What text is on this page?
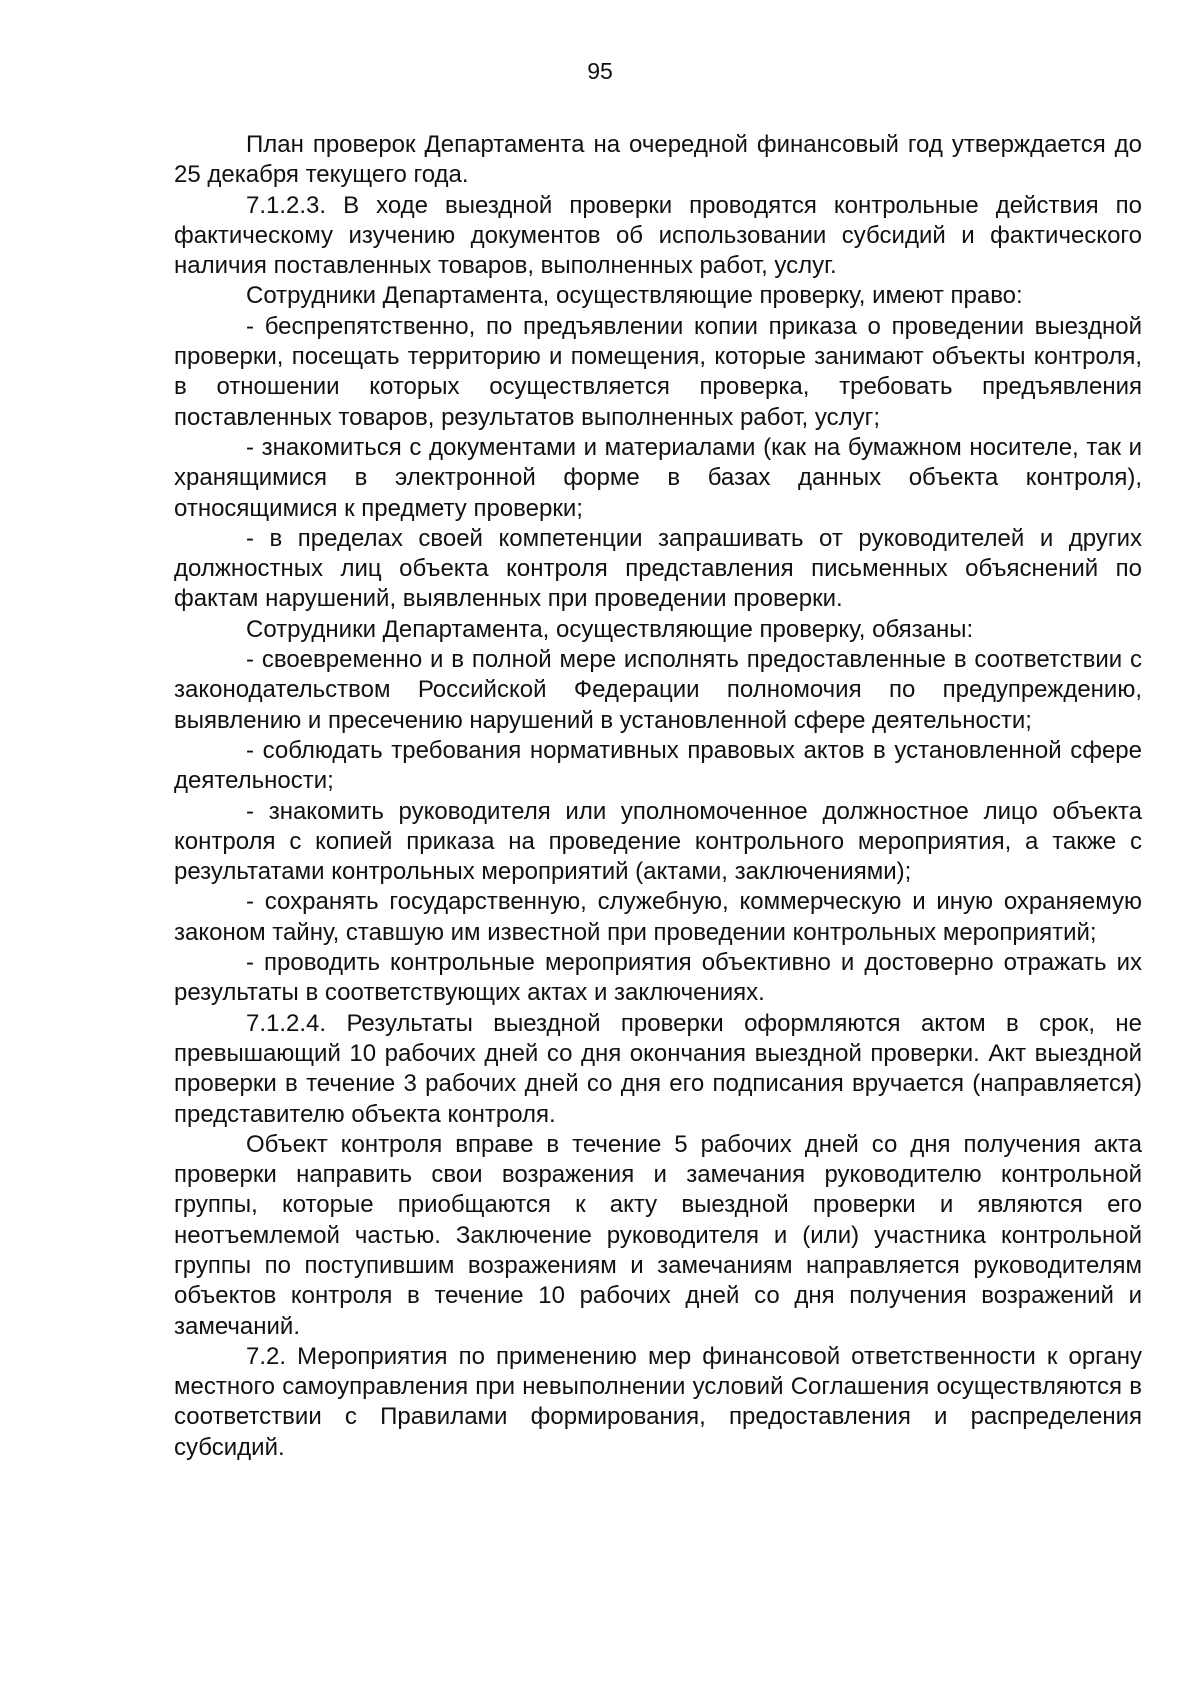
95

План проверок Департамента на очередной финансовый год утверждается до 25 декабря текущего года.

7.1.2.3. В ходе выездной проверки проводятся контрольные действия по фактическому изучению документов об использовании субсидий и фактического наличия поставленных товаров, выполненных работ, услуг.

Сотрудники Департамента, осуществляющие проверку, имеют право:

- беспрепятственно, по предъявлении копии приказа о проведении выездной проверки, посещать территорию и помещения, которые занимают объекты контроля, в отношении которых осуществляется проверка, требовать предъявления поставленных товаров, результатов выполненных работ, услуг;

- знакомиться с документами и материалами (как на бумажном носителе, так и хранящимися в электронной форме в базах данных объекта контроля), относящимися к предмету проверки;

- в пределах своей компетенции запрашивать от руководителей и других должностных лиц объекта контроля представления письменных объяснений по фактам нарушений, выявленных при проведении проверки.

Сотрудники Департамента, осуществляющие проверку, обязаны:

- своевременно и в полной мере исполнять предоставленные в соответствии с законодательством Российской Федерации полномочия по предупреждению, выявлению и пресечению нарушений в установленной сфере деятельности;

- соблюдать требования нормативных правовых актов в установленной сфере деятельности;

- знакомить руководителя или уполномоченное должностное лицо объекта контроля с копией приказа на проведение контрольного мероприятия, а также с результатами контрольных мероприятий (актами, заключениями);

- сохранять государственную, служебную, коммерческую и иную охраняемую законом тайну, ставшую им известной при проведении контрольных мероприятий;

- проводить контрольные мероприятия объективно и достоверно отражать их результаты в соответствующих актах и заключениях.

7.1.2.4. Результаты выездной проверки оформляются актом в срок, не превышающий 10 рабочих дней со дня окончания выездной проверки. Акт выездной проверки в течение 3 рабочих дней со дня его подписания вручается (направляется) представителю объекта контроля.

Объект контроля вправе в течение 5 рабочих дней со дня получения акта проверки направить свои возражения и замечания руководителю контрольной группы, которые приобщаются к акту выездной проверки и являются его неотъемлемой частью. Заключение руководителя и (или) участника контрольной группы по поступившим возражениям и замечаниям направляется руководителям объектов контроля в течение 10 рабочих дней со дня получения возражений и замечаний.

7.2. Мероприятия по применению мер финансовой ответственности к органу местного самоуправления при невыполнении условий Соглашения осуществляются в соответствии с Правилами формирования, предоставления и распределения субсидий.
